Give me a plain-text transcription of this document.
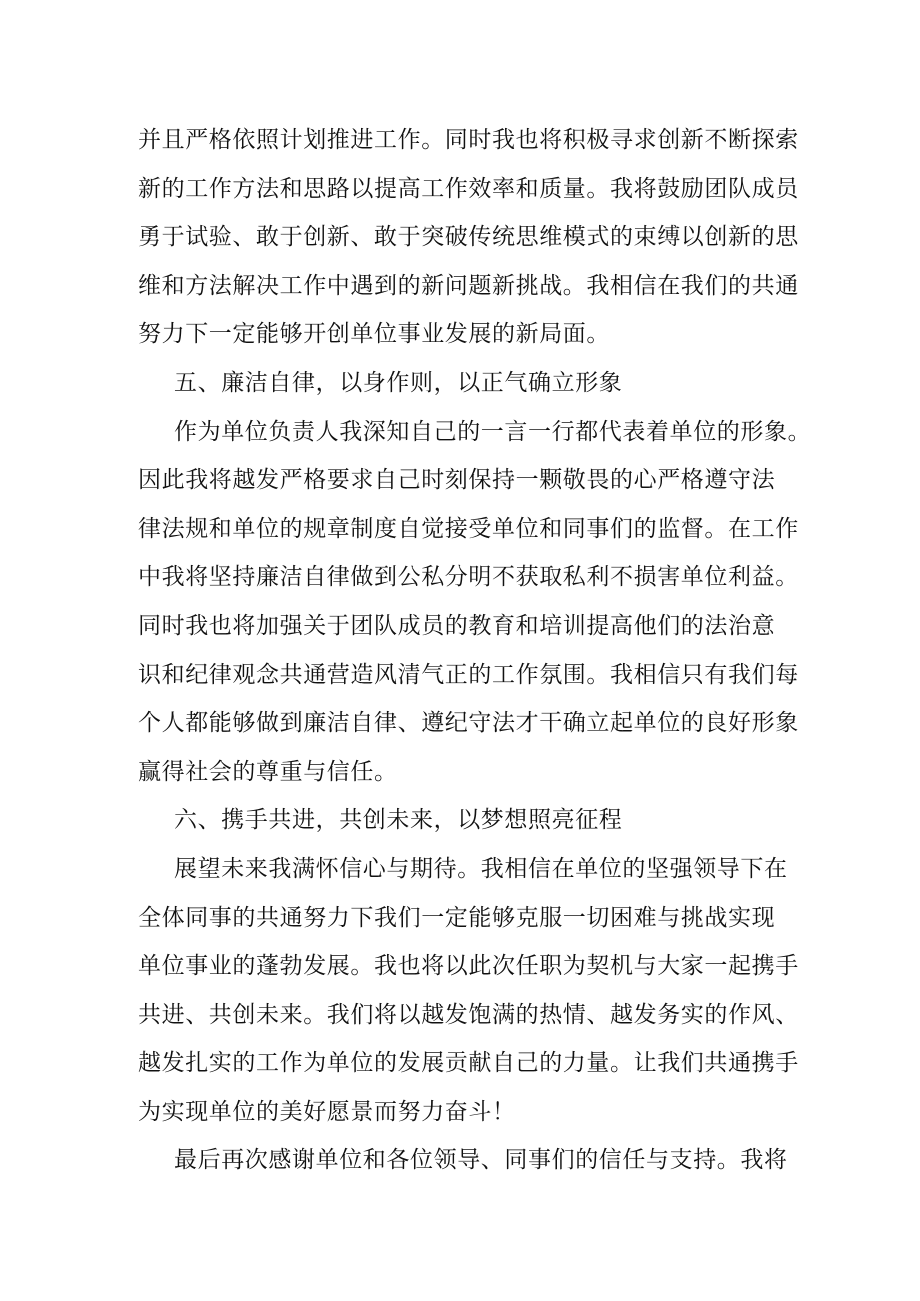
并且严格依照计划推进工作。同时我也将积极寻求创新不断探索
新的工作方法和思路以提高工作效率和质量。我将鼓励团队成员
勇于试验、敢于创新、敢于突破传统思维模式的束缚以创新的思
维和方法解决工作中遇到的新问题新挑战。我相信在我们的共通
努力下一定能够开创单位事业发展的新局面。
五、廉洁自律，以身作则，以正气确立形象
作为单位负责人我深知自己的一言一行都代表着单位的形象。
因此我将越发严格要求自己时刻保持一颗敬畏的心严格遵守法
律法规和单位的规章制度自觉接受单位和同事们的监督。在工作
中我将坚持廉洁自律做到公私分明不获取私利不损害单位利益。
同时我也将加强关于团队成员的教育和培训提高他们的法治意
识和纪律观念共通营造风清气正的工作氛围。我相信只有我们每
个人都能够做到廉洁自律、遵纪守法才干确立起单位的良好形象
赢得社会的尊重与信任。
六、携手共进，共创未来，以梦想照亮征程
展望未来我满怀信心与期待。我相信在单位的坚强领导下在
全体同事的共通努力下我们一定能够克服一切困难与挑战实现
单位事业的蓬勃发展。我也将以此次任职为契机与大家一起携手
共进、共创未来。我们将以越发饱满的热情、越发务实的作风、
越发扎实的工作为单位的发展贡献自己的力量。让我们共通携手
为实现单位的美好愿景而努力奋斗！
最后再次感谢单位和各位领导、同事们的信任与支持。我将
